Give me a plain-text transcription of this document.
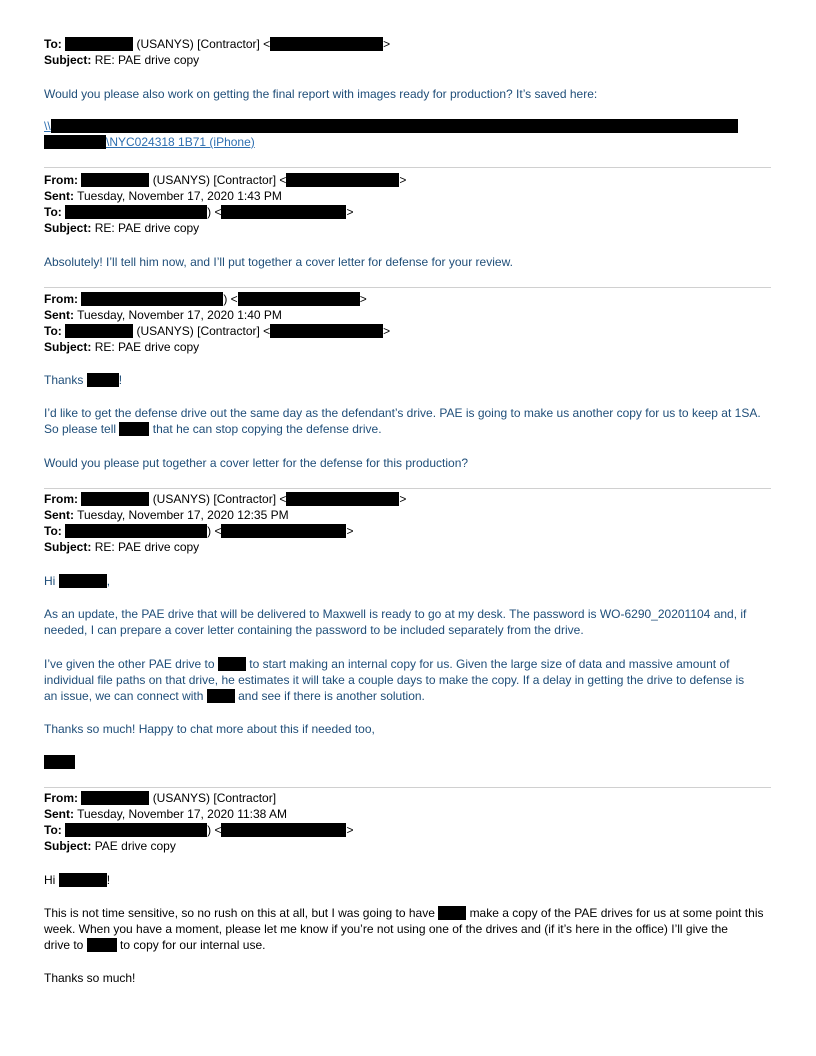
To:	(USANYS) [Contractor] <	>
Subject: RE: PAE drive copy
Would you please also work on getting the final report with images ready for production? It’s saved here:
\\
\NYC024318 1B71 (iPhone)
From:	(USANYS) [Contractor] <	>
Sent: Tuesday, November 17, 2020 1:43 PM
To:	) <	>
Subject: RE: PAE drive copy
Absolutely! I’ll tell him now, and I’ll put together a cover letter for defense for your review.
From:	) <	>
Sent: Tuesday, November 17, 2020 1:40 PM
To:	(USANYS) [Contractor] <	>
Subject: RE: PAE drive copy
Thanks	!
I’d like to get the defense drive out the same day as the defendant’s drive. PAE is going to make us another copy for us to keep at 1SA.
So please tell	that he can stop copying the defense drive.
Would you please put together a cover letter for the defense for this production?
From:	(USANYS) [Contractor] <	>
Sent: Tuesday, November 17, 2020 12:35 PM
To:	) <	>
Subject: RE: PAE drive copy
Hi	,
As an update, the PAE drive that will be delivered to Maxwell is ready to go at my desk. The password is WO-6290_20201104 and, if
needed, I can prepare a cover letter containing the password to be included separately from the drive.
I’ve given the other PAE drive to	to start making an internal copy for us. Given the large size of data and massive amount of
individual file paths on that drive, he estimates it will take a couple days to make the copy. If a delay in getting the drive to defense is
an issue, we can connect with	and see if there is another solution.
Thanks so much! Happy to chat more about this if needed too,
From:	(USANYS) [Contractor]
Sent: Tuesday, November 17, 2020 11:38 AM
To:	) <	>
Subject: PAE drive copy
Hi	!
This is not time sensitive, so no rush on this at all, but I was going to have	make a copy of the PAE drives for us at some point this
week. When you have a moment, please let me know if you’re not using one of the drives and (if it’s here in the office) I’ll give the
drive to	to copy for our internal use.
Thanks so much!
